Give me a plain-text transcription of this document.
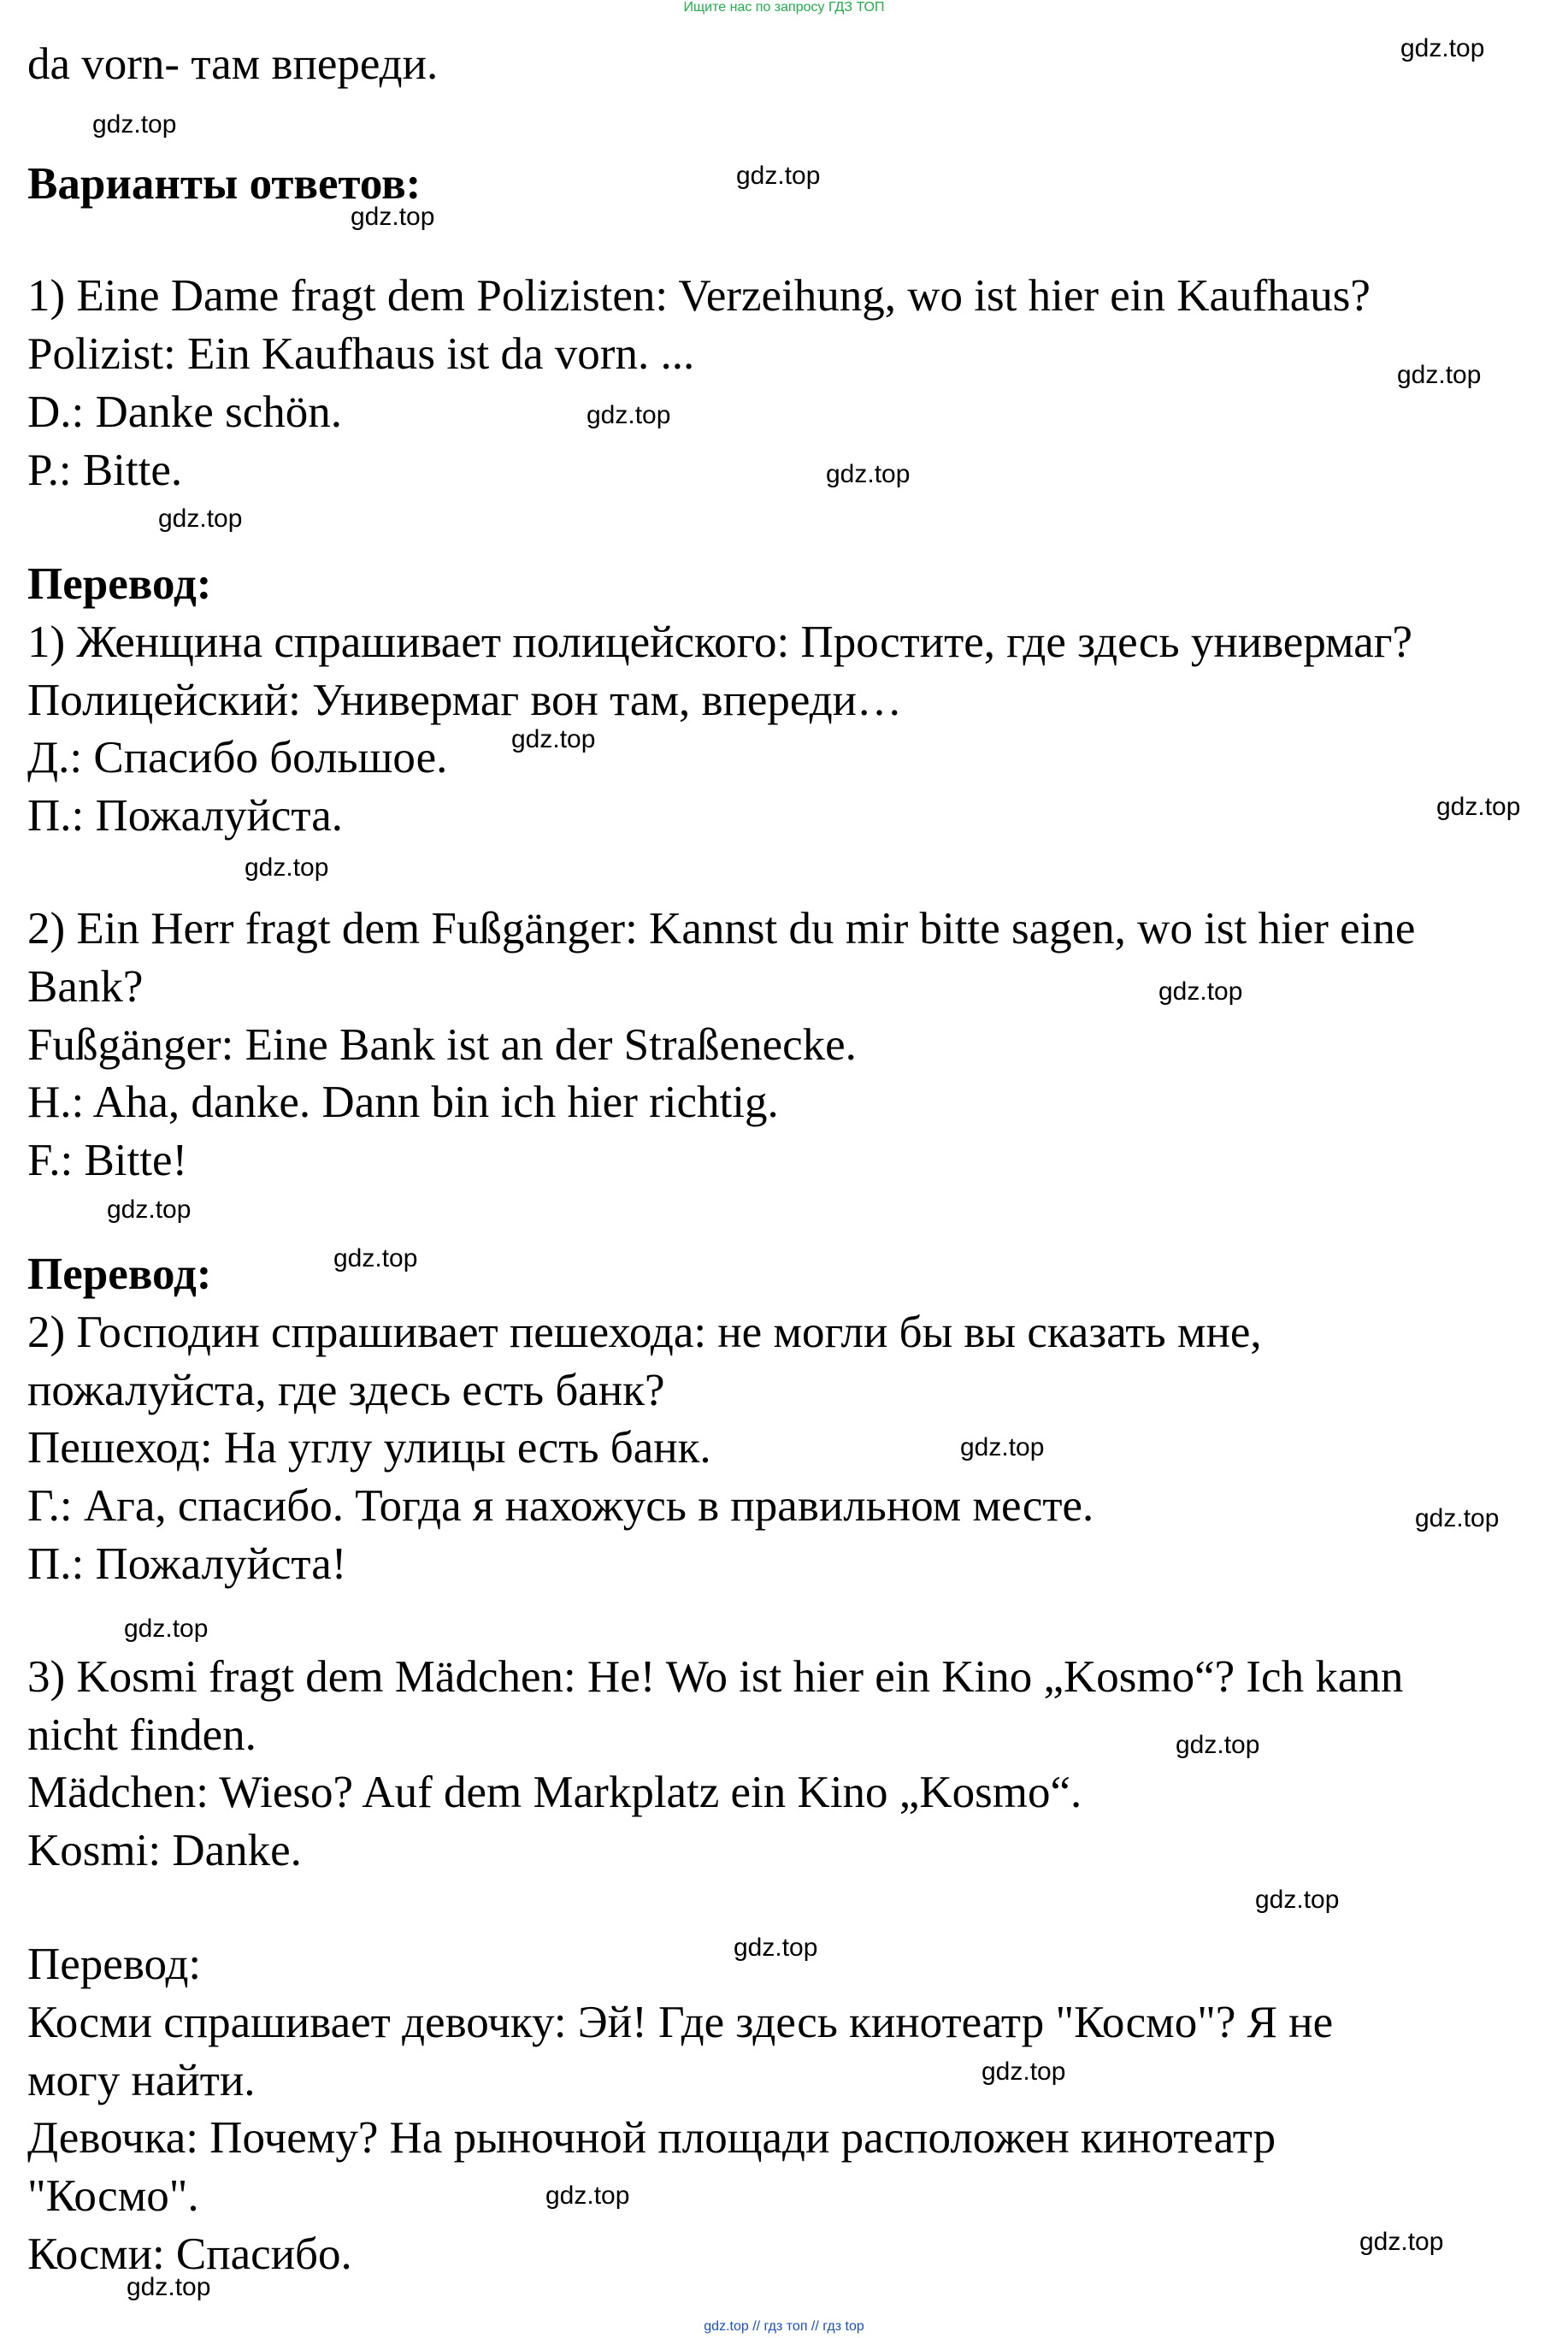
Ищите нас по запросу ГДЗ ТОП
da vorn- там впереди.
Варианты ответов:
1) Eine Dame fragt dem Polizisten: Verzeihung, wo ist hier ein Kaufhaus?
Polizist: Ein Kaufhaus ist da vorn. ...
D.: Danke schön.
P.: Bitte.
Перевод:
1) Женщина спрашивает полицейского: Простите, где здесь универмаг?
Полицейский: Универмаг вон там, впереди…
Д.: Спасибо большое.
П.: Пожалуйста.
2) Ein Herr fragt dem Fußgänger: Kannst du mir bitte sagen, wo ist hier eine
Bank?
Fußgänger: Eine Bank ist an der Straßenecke.
H.: Aha, danke. Dann bin ich hier richtig.
F.: Bitte!
Перевод:
2) Господин спрашивает пешехода: не могли бы вы сказать мне,
пожалуйста, где здесь есть банк?
Пешеход: На углу улицы есть банк.
Г.: Ага, спасибо. Тогда я нахожусь в правильном месте.
П.: Пожалуйста!
3) Kosmi fragt dem Mädchen: He! Wo ist hier ein Kino „Kosmo“? Ich kann
nicht finden.
Mädchen: Wieso? Auf dem Markplatz ein Kino „Kosmo“.
Kosmi: Danke.
Перевод:
Косми спрашивает девочку: Эй! Где здесь кинотеатр "Космо"? Я не
могу найти.
Девочка: Почему? На рыночной площади расположен кинотеатр
"Космо".
Косми: Спасибо.
gdz.top
gdz.top
gdz.top
gdz.top
gdz.top
gdz.top
gdz.top
gdz.top
gdz.top
gdz.top
gdz.top
gdz.top
gdz.top
gdz.top
gdz.top
gdz.top
gdz.top
gdz.top
gdz.top
gdz.top
gdz.top
gdz.top
gdz.top
gdz.top
gdz.top // гдз топ // гдз top
